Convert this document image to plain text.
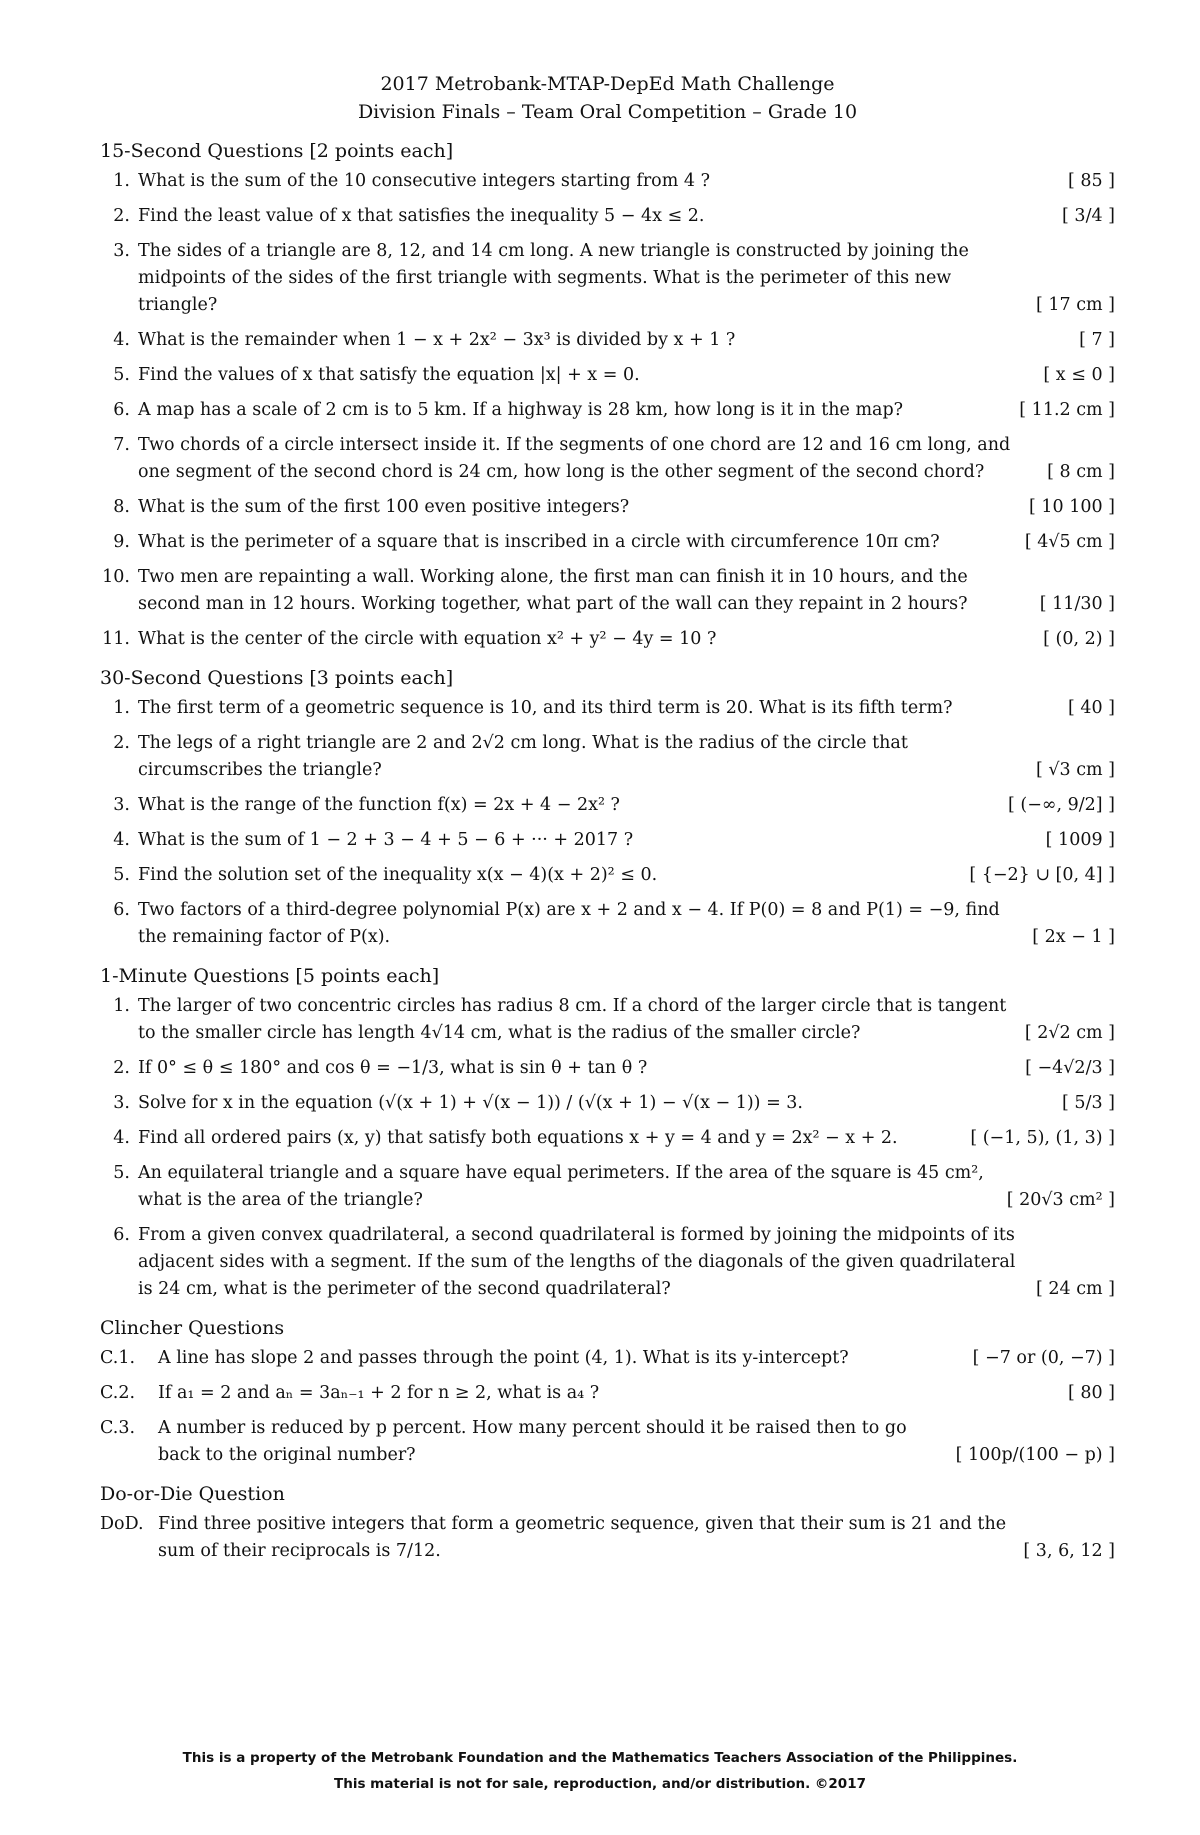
2017 Metrobank-MTAP-DepEd Math Challenge
Division Finals – Team Oral Competition – Grade 10
15-Second Questions [2 points each]
1. What is the sum of the 10 consecutive integers starting from 4 ?	[ 85 ]
2. Find the least value of x that satisfies the inequality 5 − 4x ≤ 2.	[ 3/4 ]
3. The sides of a triangle are 8, 12, and 14 cm long. A new triangle is constructed by joining the midpoints of the sides of the first triangle with segments. What is the perimeter of this new triangle?	[ 17 cm ]
4. What is the remainder when 1 − x + 2x² − 3x³ is divided by x + 1 ?	[ 7 ]
5. Find the values of x that satisfy the equation |x| + x = 0.	[ x ≤ 0 ]
6. A map has a scale of 2 cm is to 5 km. If a highway is 28 km, how long is it in the map?	[ 11.2 cm ]
7. Two chords of a circle intersect inside it. If the segments of one chord are 12 and 16 cm long, and one segment of the second chord is 24 cm, how long is the other segment of the second chord?	[ 8 cm ]
8. What is the sum of the first 100 even positive integers?	[ 10 100 ]
9. What is the perimeter of a square that is inscribed in a circle with circumference 10π cm?	[ 4√5 cm ]
10. Two men are repainting a wall. Working alone, the first man can finish it in 10 hours, and the second man in 12 hours. Working together, what part of the wall can they repaint in 2 hours?	[ 11/30 ]
11. What is the center of the circle with equation x² + y² − 4y = 10 ?	[ (0, 2) ]
30-Second Questions [3 points each]
1. The first term of a geometric sequence is 10, and its third term is 20. What is its fifth term?	[ 40 ]
2. The legs of a right triangle are 2 and 2√2 cm long. What is the radius of the circle that circumscribes the triangle?	[ √3 cm ]
3. What is the range of the function f(x) = 2x + 4 − 2x² ?	[ (−∞, 9/2] ]
4. What is the sum of 1 − 2 + 3 − 4 + 5 − 6 + ··· + 2017 ?	[ 1009 ]
5. Find the solution set of the inequality x(x − 4)(x + 2)² ≤ 0.	[ {−2} ∪ [0, 4] ]
6. Two factors of a third-degree polynomial P(x) are x + 2 and x − 4. If P(0) = 8 and P(1) = −9, find the remaining factor of P(x).	[ 2x − 1 ]
1-Minute Questions [5 points each]
1. The larger of two concentric circles has radius 8 cm. If a chord of the larger circle that is tangent to the smaller circle has length 4√14 cm, what is the radius of the smaller circle?	[ 2√2 cm ]
2. If 0° ≤ θ ≤ 180° and cos θ = −1/3, what is sin θ + tan θ ?	[ −4√2/3 ]
3. Solve for x in the equation (√(x + 1) + √(x − 1)) / (√(x + 1) − √(x − 1)) = 3.	[ 5/3 ]
4. Find all ordered pairs (x, y) that satisfy both equations x + y = 4 and y = 2x² − x + 2.	[ (−1, 5), (1, 3) ]
5. An equilateral triangle and a square have equal perimeters. If the area of the square is 45 cm², what is the area of the triangle?	[ 20√3 cm² ]
6. From a given convex quadrilateral, a second quadrilateral is formed by joining the midpoints of its adjacent sides with a segment. If the sum of the lengths of the diagonals of the given quadrilateral is 24 cm, what is the perimeter of the second quadrilateral?	[ 24 cm ]
Clincher Questions
C.1.	A line has slope 2 and passes through the point (4, 1). What is its y-intercept?	[ −7 or (0, −7) ]
C.2.	If a₁ = 2 and aₙ = 3aₙ₋₁ + 2 for n ≥ 2, what is a₄ ?	[ 80 ]
C.3.	A number is reduced by p percent. How many percent should it be raised then to go back to the original number?	[ 100p/(100 − p) ]
Do-or-Die Question
DoD. Find three positive integers that form a geometric sequence, given that their sum is 21 and the sum of their reciprocals is 7/12.	[ 3, 6, 12 ]
This is a property of the Metrobank Foundation and the Mathematics Teachers Association of the Philippines.
This material is not for sale, reproduction, and/or distribution. ©2017
